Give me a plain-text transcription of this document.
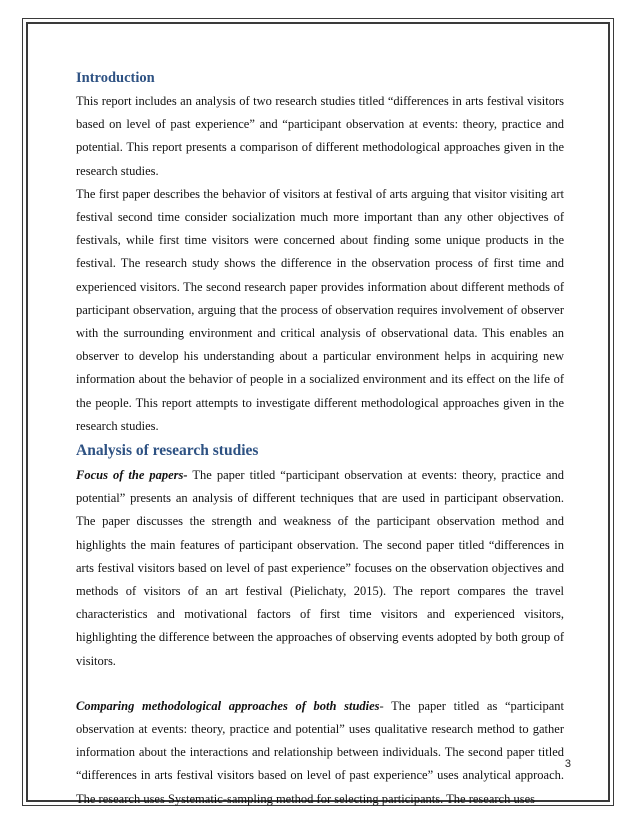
Introduction

This report includes an analysis of two research studies titled “differences in arts festival visitors based on level of past experience” and “participant observation at events: theory, practice and potential. This report presents a comparison of different methodological approaches given in the research studies.

The first paper describes the behavior of visitors at festival of arts arguing that visitor visiting art festival second time consider socialization much more important than any other objectives of festivals, while first time visitors were concerned about finding some unique products in the festival. The research study shows the difference in the observation process of first time and experienced visitors. The second research paper provides information about different methods of participant observation, arguing that the process of observation requires involvement of observer with the surrounding environment and critical analysis of observational data. This enables an observer to develop his understanding about a particular environment helps in acquiring new information about the behavior of people in a socialized environment and its effect on the life of the people. This report attempts to investigate different methodological approaches given in the research studies.

Analysis of research studies

Focus of the papers- The paper titled “participant observation at events: theory, practice and potential” presents an analysis of different techniques that are used in participant observation. The paper discusses the strength and weakness of the participant observation method and highlights the main features of participant observation. The second paper titled “differences in arts festival visitors based on level of past experience” focuses on the observation objectives and methods of visitors of an art festival (Pielichaty, 2015). The report compares the travel characteristics and motivational factors of first time visitors and experienced visitors, highlighting the difference between the approaches of observing events adopted by both group of visitors.

Comparing methodological approaches of both studies- The paper titled as “participant observation at events: theory, practice and potential” uses qualitative research method to gather information about the interactions and relationship between individuals. The second paper titled “differences in arts festival visitors based on level of past experience” uses analytical approach. The research uses Systematic-sampling method for selecting participants. The research uses

3
